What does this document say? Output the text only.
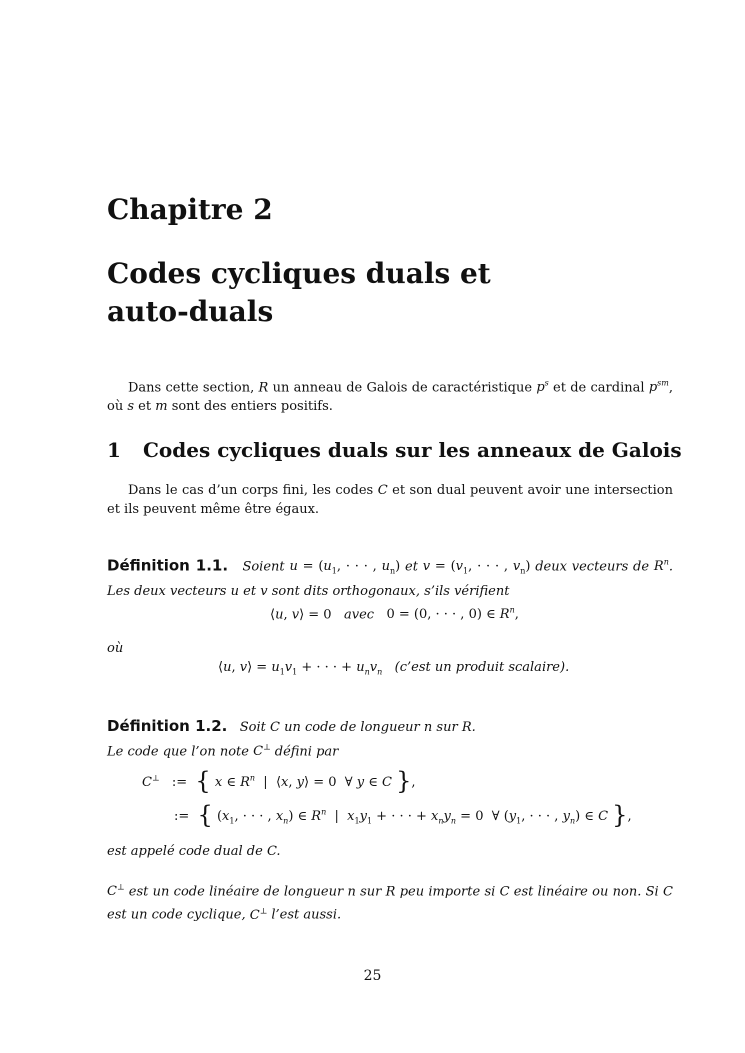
Chapitre 2
Codes cycliques duals et
auto-duals
Dans cette section, R un anneau de Galois de caractéristique $p^s$ et de cardinal $p^{sm}$, où s et m sont des entiers positifs.
1 Codes cycliques duals sur les anneaux de Galois
Dans le cas d’un corps fini, les codes C et son dual peuvent avoir une intersection et ils peuvent même être égaux.
Définition 1.1. Soient $u = (u_1$, · · · , $u_n$) et $v = (v_1$, · · · , $v_n$) deux vecteurs de $R^n$. Les deux vecteurs u et v sont dits orthogonaux, s’ils vérifient
⟨u, v⟩ = 0 avec 0 = (0, · · · , 0) ∈ $R^n$,
où
⟨u, v⟩ = $u_1v_1$ + · · · + $u_nv_n$ (c’est un produit scalaire).
Définition 1.2. Soit C un code de longueur n sur R.
Le code que l’on note C⊥ défini par
C⊥   :=  { x ∈ $R^n$  |  ⟨x, y⟩ = 0  ∀ y ∈ C },
:=  { ($x_1$, · · · , $x_n$) ∈ $R^n$  |  $x_1y_1$ + · · · + $x_ny_n = 0$  ∀ ($y_1$, · · · , $y_n$) ∈ C },
est appelé code dual de C.
C⊥ est un code linéaire de longueur n sur R peu importe si C est linéaire ou non. Si C est un code cyclique, C⊥ l’est aussi.
25
